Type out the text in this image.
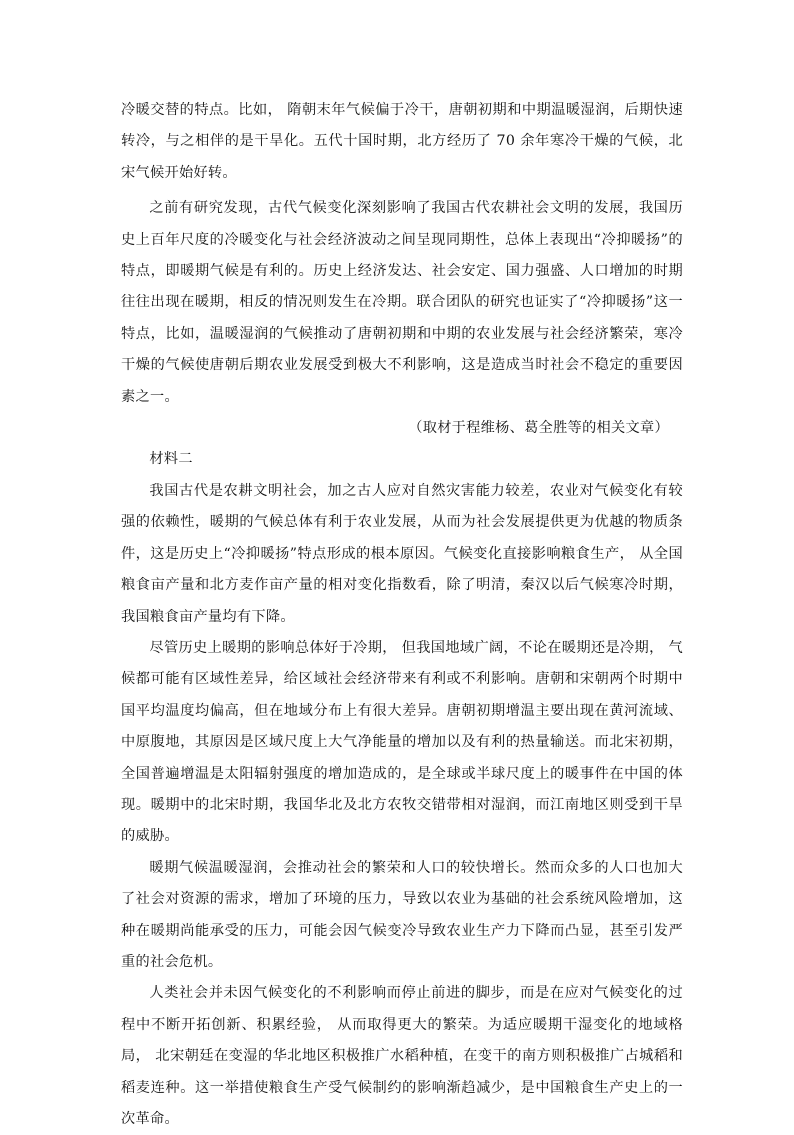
冷暖交替的特点。比如， 隋朝末年气候偏于冷干，唐朝初期和中期温暖湿润，后期快速转冷，与之相伴的是干旱化。五代十国时期，北方经历了 70 余年寒冷干燥的气候，北宋气候开始好转。

之前有研究发现，古代气候变化深刻影响了我国古代农耕社会文明的发展，我国历史上百年尺度的冷暖变化与社会经济波动之间呈现同期性，总体上表现出“冷抑暖扬”的特点，即暖期气候是有利的。历史上经济发达、社会安定、国力强盛、人口增加的时期往往出现在暖期，相反的情况则发生在冷期。联合团队的研究也证实了“冷抑暖扬”这一特点，比如，温暖湿润的气候推动了唐朝初期和中期的农业发展与社会经济繁荣，寒冷干燥的气候使唐朝后期农业发展受到极大不利影响，这是造成当时社会不稳定的重要因素之一。

（取材于程维杨、葛全胜等的相关文章）

材料二

我国古代是农耕文明社会，加之古人应对自然灾害能力较差，农业对气候变化有较强的依赖性，暖期的气候总体有利于农业发展，从而为社会发展提供更为优越的物质条件，这是历史上“冷抑暖扬”特点形成的根本原因。气候变化直接影响粮食生产， 从全国粮食亩产量和北方麦作亩产量的相对变化指数看，除了明清，秦汉以后气候寒冷时期，我国粮食亩产量均有下降。

尽管历史上暖期的影响总体好于冷期， 但我国地域广阔，不论在暖期还是冷期， 气候都可能有区域性差异，给区域社会经济带来有利或不利影响。唐朝和宋朝两个时期中国平均温度均偏高，但在地域分布上有很大差异。唐朝初期增温主要出现在黄河流域、中原腹地，其原因是区域尺度上大气净能量的增加以及有利的热量输送。而北宋初期， 全国普遍增温是太阳辐射强度的增加造成的，是全球或半球尺度上的暖事件在中国的体现。暖期中的北宋时期，我国华北及北方农牧交错带相对湿润，而江南地区则受到干旱的威胁。

暖期气候温暖湿润，会推动社会的繁荣和人口的较快增长。然而众多的人口也加大了社会对资源的需求，增加了环境的压力，导致以农业为基础的社会系统风险增加，这种在暖期尚能承受的压力，可能会因气候变冷导致农业生产力下降而凸显，甚至引发严重的社会危机。

人类社会并未因气候变化的不利影响而停止前进的脚步，而是在应对气候变化的过程中不断开拓创新、积累经验， 从而取得更大的繁荣。为适应暖期干湿变化的地域格局， 北宋朝廷在变湿的华北地区积极推广水稻种植，在变干的南方则积极推广占城稻和稻麦连种。这一举措使粮食生产受气候制约的影响渐趋减少，是中国粮食生产史上的一次革命。
